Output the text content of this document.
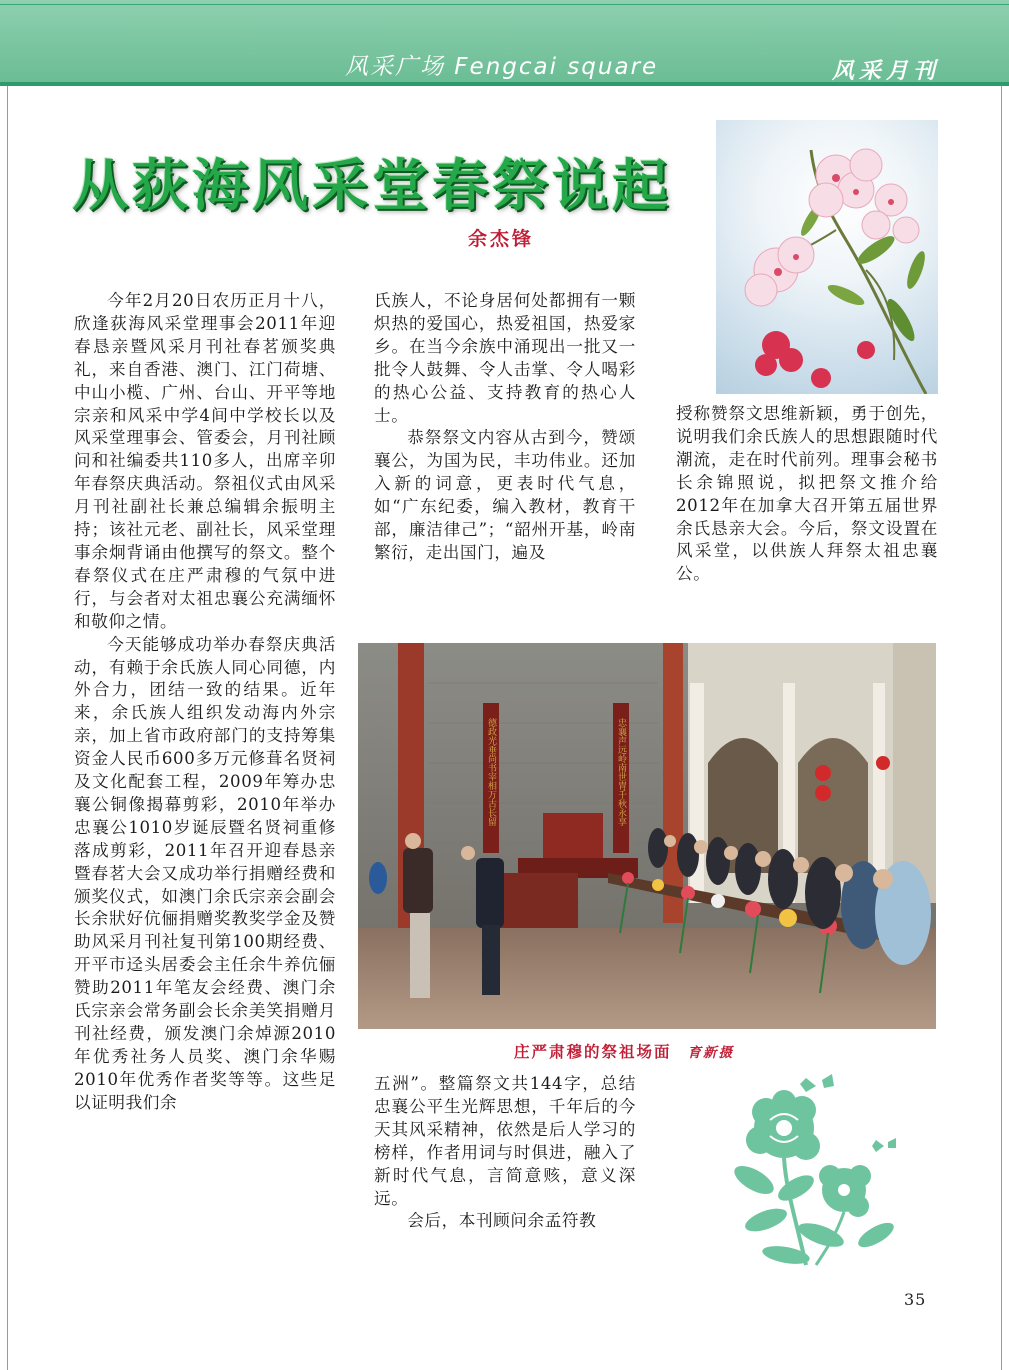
风采广场 Fengcai square	风采月刊
从荻海风采堂春祭说起
余杰锋

今年2月20日农历正月十八，欣逢荻海风采堂理事会2011年迎春恳亲暨风采月刊社春茗颁奖典礼，来自香港、澳门、江门荷塘、中山小榄、广州、台山、开平等地宗亲和风采中学4间中学校长以及风采堂理事会、管委会，月刊社顾问和社编委共110多人，出席辛卯年春祭庆典活动。祭祖仪式由风采月刊社副社长兼总编辑余振明主持；该社元老、副社长，风采堂理事余炯背诵由他撰写的祭文。整个春祭仪式在庄严肃穆的气氛中进行，与会者对太祖忠襄公充满缅怀和敬仰之情。

今天能够成功举办春祭庆典活动，有赖于余氏族人同心同德，内外合力，团结一致的结果。近年来，余氏族人组织发动海内外宗亲，加上省市政府部门的支持筹集资金人民币600多万元修葺名贤祠及文化配套工程，2009年筹办忠襄公铜像揭幕剪彩，2010年举办忠襄公1010岁诞辰暨名贤祠重修落成剪彩，2011年召开迎春恳亲暨春茗大会又成功举行捐赠经费和颁奖仪式，如澳门余氏宗亲会副会长余狀好伉俪捐赠奖教奖学金及赞助风采月刊社复刊第100期经费、开平市迳头居委会主任余牛养伉俪赞助2011年笔友会经费、澳门余氏宗亲会常务副会长余美笑捐赠月刊社经费，颁发澳门余焯源2010年优秀社务人员奖、澳门余华赐2010年优秀作者奖等等。这些足以证明我们余

氏族人，不论身居何处都拥有一颗炽热的爱国心，热爱祖国，热爱家乡。在当今余族中涌现出一批又一批令人鼓舞、令人击掌、令人喝彩的热心公益、支持教育的热心人士。

恭祭祭文内容从古到今，赞颂襄公，为国为民，丰功伟业。还加入新的词意，更表时代气息，如“广东纪委，编入教材，教育干部，廉洁律己”；“韶州开基，岭南繁衍，走出国门，遍及

授称赞祭文思维新颖，勇于创先，说明我们余氏族人的思想跟随时代潮流，走在时代前列。理事会秘书长余锦照说，拟把祭文推介给2012年在加拿大召开第五届世界余氏恳亲大会。今后，祭文设置在风采堂，以供族人拜祭太祖忠襄公。

德政光垂尚书宰相万古长留	忠襄声远岭南世胄千秋永享
庄严肃穆的祭祖场面 育新摄

五洲”。整篇祭文共144字，总结忠襄公平生光辉思想，千年后的今天其风采精神，依然是后人学习的榜样，作者用词与时俱进，融入了新时代气息，言简意赅，意义深远。

会后，本刊顾问余孟符教

35
